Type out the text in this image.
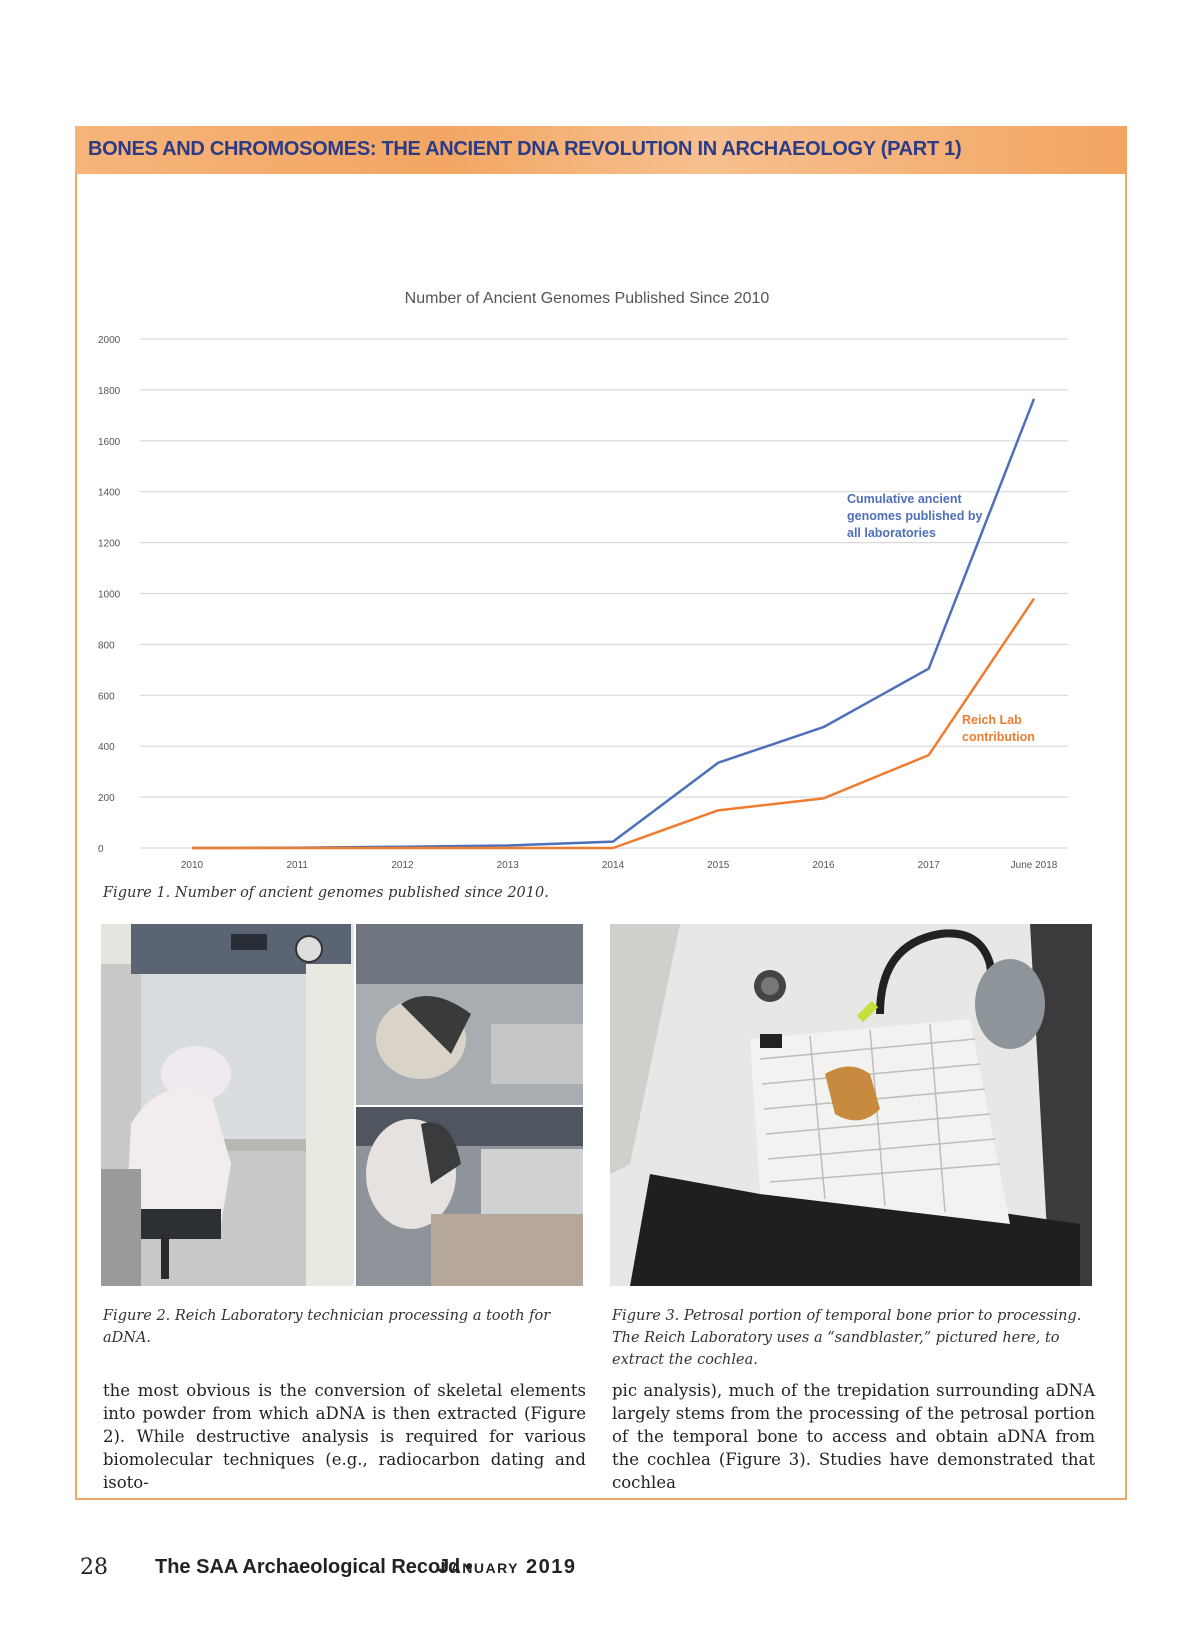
BONES AND CHROMOSOMES: THE ANCIENT DNA REVOLUTION IN ARCHAEOLOGY (PART 1)
Number of Ancient Genomes Published Since 2010
0
200
400
600
800
1000
1200
1400
1600
1800
2000
2010	2011	2012	2013	2014	2015	2016	2017	June 2018
Cumulative ancient
genomes published by
all laboratories
Reich Lab
contribution
Figure 1. Number of ancient genomes published since 2010.
Figure 2. Reich Laboratory technician processing a tooth for aDNA.
Figure 3. Petrosal portion of temporal bone prior to processing. The Reich Laboratory uses a “sandblaster,” pictured here, to extract the cochlea.
the most obvious is the conversion of skeletal elements into powder from which aDNA is then extracted (Figure 2). While destructive analysis is required for various biomolecular techniques (e.g., radiocarbon dating and isoto-
pic analysis), much of the trepidation surrounding aDNA largely stems from the processing of the petrosal portion of the temporal bone to access and obtain aDNA from the cochlea (Figure 3). Studies have demonstrated that cochlea
28 The SAA Archaeological Record •
January 2019
